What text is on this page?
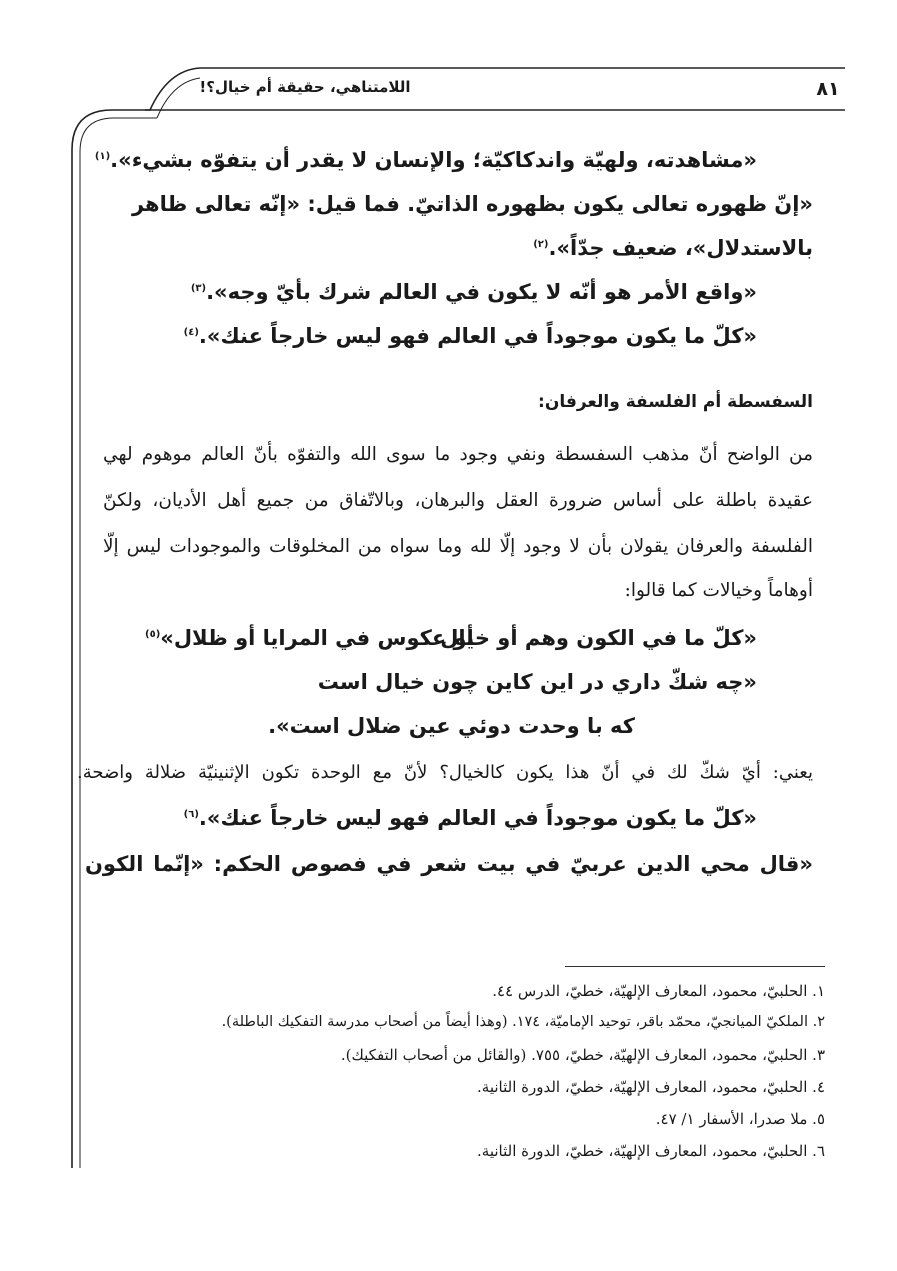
٨١
اللامتناهي، حقيقة أم خيال؟!
«مشاهدته، ولهيّة واندكاكيّة؛ والإنسان لا يقدر أن يتفوّه بشيء».$^{(١)}$
«إنّ ظهوره تعالى يكون بظهوره الذاتيّ. فما قيل: «إنّه تعالى ظاهر
بالاستدلال»، ضعيف جدّاً».$^{(٢)}$
«واقع الأمر هو أنّه لا يكون في العالم شرك بأيّ وجه».$^{(٣)}$
«كلّ ما يكون موجوداً في العالم فهو ليس خارجاً عنك».$^{(٤)}$
السفسطة أم الفلسفة والعرفان:
من الواضح أنّ مذهب السفسطة ونفي وجود ما سوى الله والتفوّه بأنّ العالم موهوم لهي
عقيدة باطلة على أساس ضرورة العقل والبرهان، وبالاتّفاق من جميع أهل الأديان، ولكنّ
الفلسفة والعرفان يقولان بأن لا وجود إلّا لله وما سواه من المخلوقات والموجودات ليس إلّا
أوهاماً وخيالات كما قالوا:
«كلّ ما في الكون وهم أو خيال
أو عكوس في المرايا أو ظلال»$^{(٥)}$
«چه شكّ داري در اين كاين چون خيال است
كه با وحدت دوئي عين ضلال است».
يعني: أيّ شكّ لك في أنّ هذا يكون كالخيال؟ لأنّ مع الوحدة تكون الإثنينيّة ضلالة واضحة.
«كلّ ما يكون موجوداً في العالم فهو ليس خارجاً عنك».$^{(٦)}$
«قال محي الدين عربيّ في بيت شعر في فصوص الحكم: «إنّما الكون
١. الحلبيّ، محمود، المعارف الإلهيّة، خطيّ، الدرس ٤٤.
٢. الملكيّ الميانجيّ، محمّد باقر، توحيد الإماميّة، ١٧٤. (وهذا أيضاً من أصحاب مدرسة التفكيك الباطلة).
٣. الحلبيّ، محمود، المعارف الإلهيّة، خطيّ، ٧٥٥. (والقائل من أصحاب التفكيك).
٤. الحلبيّ، محمود، المعارف الإلهيّة، خطيّ، الدورة الثانية.
٥. ملا صدرا، الأسفار ١/ ٤٧.
٦. الحلبيّ، محمود، المعارف الإلهيّة، خطيّ، الدورة الثانية.
